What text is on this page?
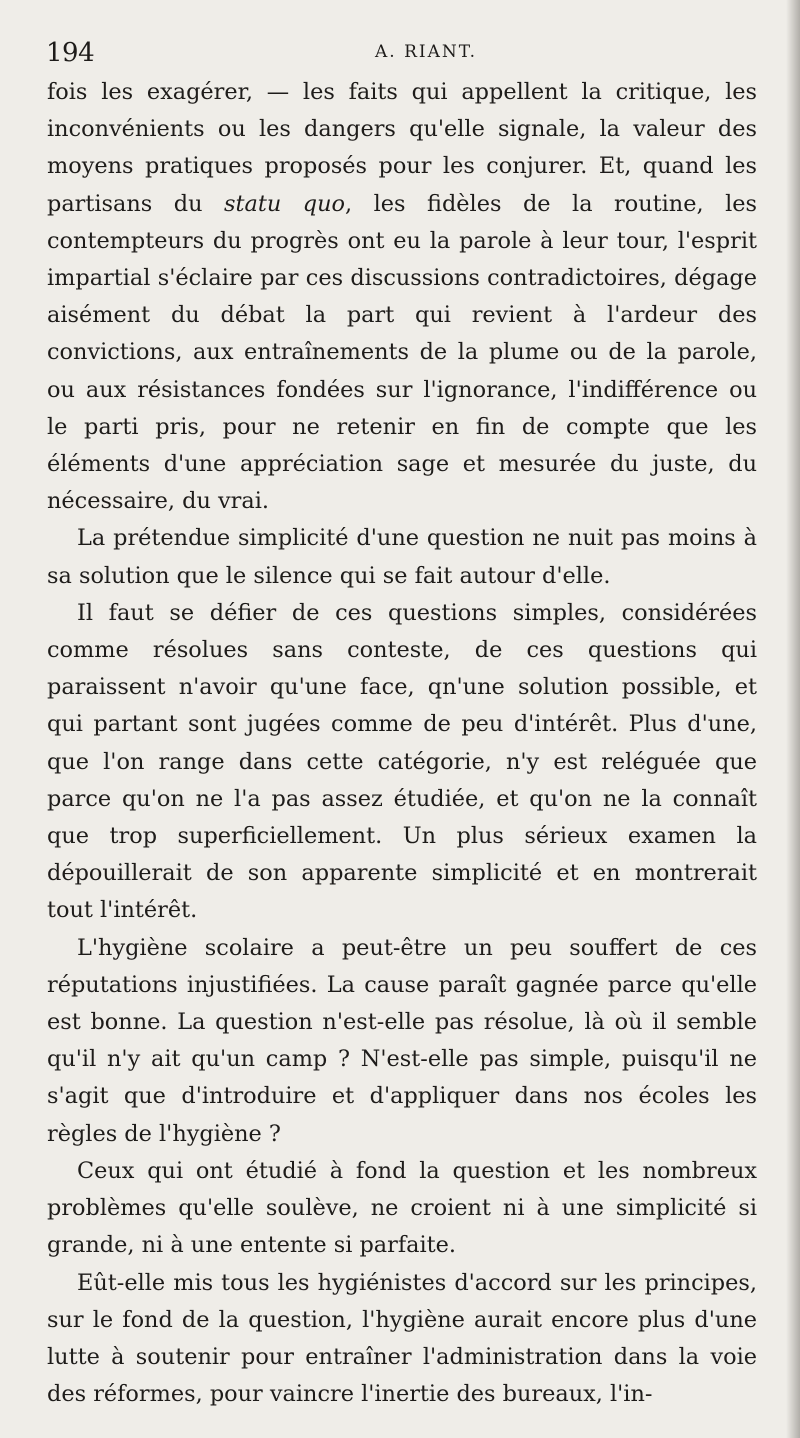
194	A. RIANT.

fois les exagérer, — les faits qui appellent la critique, les inconvénients ou les dangers qu'elle signale, la valeur des moyens pratiques proposés pour les conjurer. Et, quand les partisans du statu quo, les fidèles de la routine, les contempteurs du progrès ont eu la parole à leur tour, l'esprit impartial s'éclaire par ces discussions contradictoires, dégage aisément du débat la part qui revient à l'ardeur des convictions, aux entraînements de la plume ou de la parole, ou aux résistances fondées sur l'ignorance, l'indifférence ou le parti pris, pour ne retenir en fin de compte que les éléments d'une appréciation sage et mesurée du juste, du nécessaire, du vrai.

La prétendue simplicité d'une question ne nuit pas moins à sa solution que le silence qui se fait autour d'elle.

Il faut se défier de ces questions simples, considérées comme résolues sans conteste, de ces questions qui paraissent n'avoir qu'une face, qn'une solution possible, et qui partant sont jugées comme de peu d'intérêt. Plus d'une, que l'on range dans cette catégorie, n'y est reléguée que parce qu'on ne l'a pas assez étudiée, et qu'on ne la connaît que trop superficiellement. Un plus sérieux examen la dépouillerait de son apparente simplicité et en montrerait tout l'intérêt.

L'hygiène scolaire a peut-être un peu souffert de ces réputations injustifiées. La cause paraît gagnée parce qu'elle est bonne. La question n'est-elle pas résolue, là où il semble qu'il n'y ait qu'un camp ? N'est-elle pas simple, puisqu'il ne s'agit que d'introduire et d'appliquer dans nos écoles les règles de l'hygiène ?

Ceux qui ont étudié à fond la question et les nombreux problèmes qu'elle soulève, ne croient ni à une simplicité si grande, ni à une entente si parfaite.

Eût-elle mis tous les hygiénistes d'accord sur les principes, sur le fond de la question, l'hygiène aurait encore plus d'une lutte à soutenir pour entraîner l'administration dans la voie des réformes, pour vaincre l'inertie des bureaux, l'in-
